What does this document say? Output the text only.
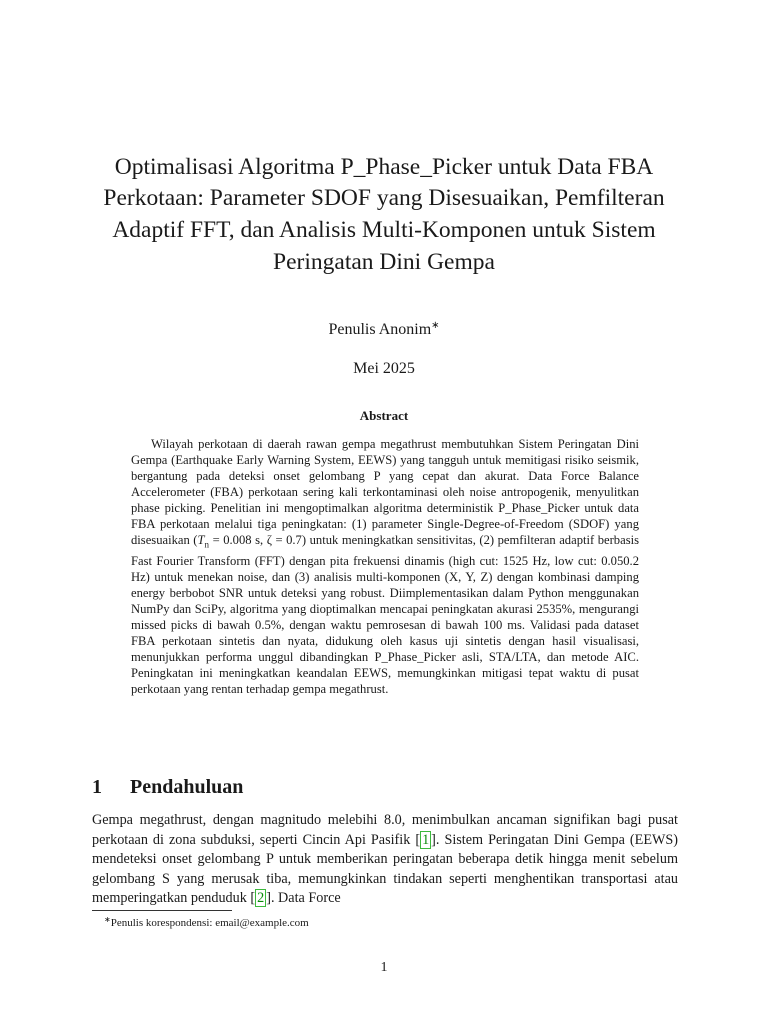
Optimalisasi Algoritma P_Phase_Picker untuk Data FBA Perkotaan: Parameter SDOF yang Disesuaikan, Pemfilteran Adaptif FFT, dan Analisis Multi-Komponen untuk Sistem Peringatan Dini Gempa
Penulis Anonim∗
Mei 2025
Abstract

Wilayah perkotaan di daerah rawan gempa megathrust membutuhkan Sistem Peringatan Dini Gempa (Earthquake Early Warning System, EEWS) yang tangguh untuk memitigasi risiko seismik, bergantung pada deteksi onset gelombang P yang cepat dan akurat. Data Force Balance Accelerometer (FBA) perkotaan sering kali terkontaminasi oleh noise antropogenik, menyulitkan phase picking. Penelitian ini mengoptimalkan algoritma deterministik P_Phase_Picker untuk data FBA perkotaan melalui tiga peningkatan: (1) parameter Single-Degree-of-Freedom (SDOF) yang disesuaikan ($T_n = 0.008$ s, ζ = 0.7) untuk meningkatkan sensitivitas, (2) pemfilteran adaptif berbasis Fast Fourier Transform (FFT) dengan pita frekuensi dinamis (high cut: 1525 Hz, low cut: 0.050.2 Hz) untuk menekan noise, dan (3) analisis multi-komponen (X, Y, Z) dengan kombinasi damping energy berbobot SNR untuk deteksi yang robust. Diimplementasikan dalam Python menggunakan NumPy dan SciPy, algoritma yang dioptimalkan mencapai peningkatan akurasi 2535%, mengurangi missed picks di bawah 0.5%, dengan waktu pemrosesan di bawah 100 ms. Validasi pada dataset FBA perkotaan sintetis dan nyata, didukung oleh kasus uji sintetis dengan hasil visualisasi, menunjukkan performa unggul dibandingkan P_Phase_Picker asli, STA/LTA, dan metode AIC. Peningkatan ini meningkatkan keandalan EEWS, memungkinkan mitigasi tepat waktu di pusat perkotaan yang rentan terhadap gempa megathrust.

1 Pendahuluan

Gempa megathrust, dengan magnitudo melebihi 8.0, menimbulkan ancaman signifikan bagi pusat perkotaan di zona subduksi, seperti Cincin Api Pasifik [ 1 ]. Sistem Peringatan Dini Gempa (EEWS) mendeteksi onset gelombang P untuk memberikan peringatan beberapa detik hingga menit sebelum gelombang S yang merusak tiba, memungkinkan tindakan seperti menghentikan transportasi atau memperingatkan penduduk [ 2 ]. Data Force

∗Penulis korespondensi: email@example.com
1
